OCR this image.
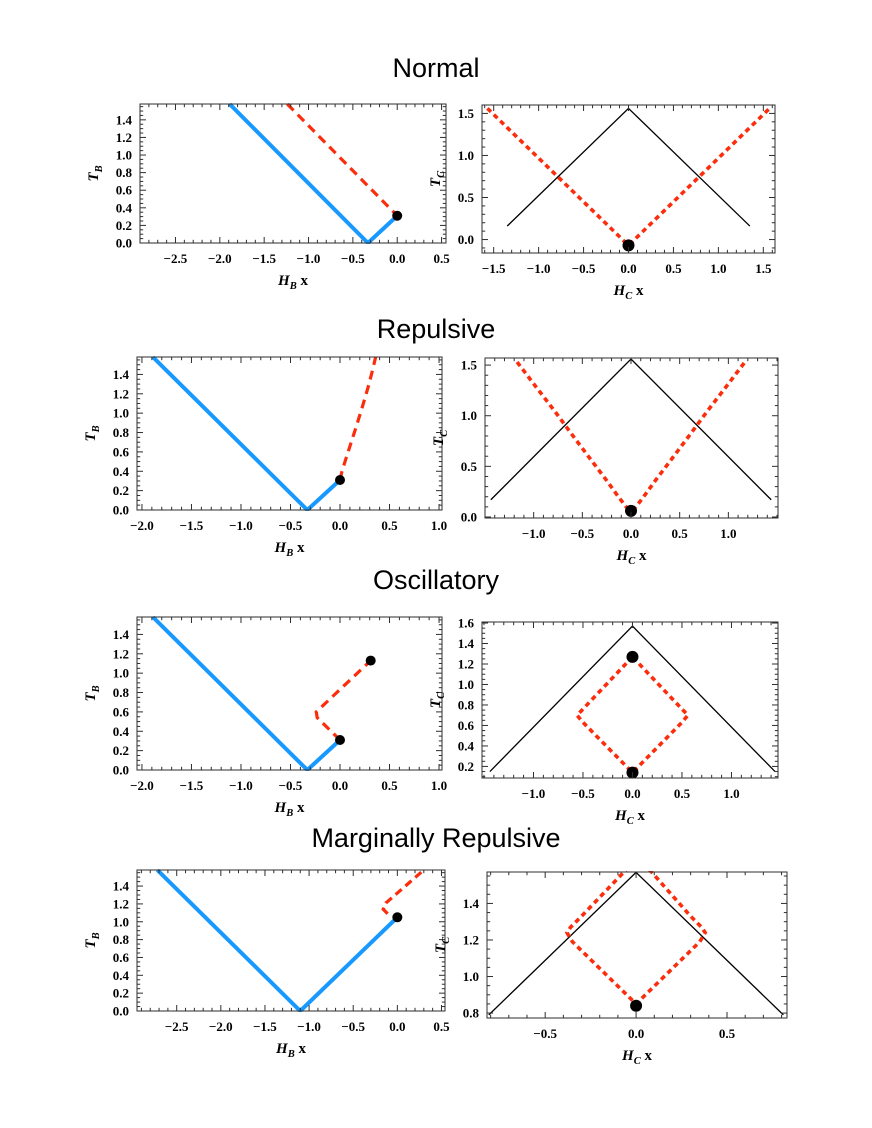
Normal
Repulsive
Oscillatory
Marginally Repulsive
−2.5 −2.0 −1.5 −1.0 −0.5 0.0 0.5
0.0
0.2
0.4
0.6
0.8
1.0
1.2
1.4
$H_B$ x
$T_B$
−1.5 −1.0 −0.5 0.0 0.5 1.0 1.5
0.0
0.5
1.0
1.5
$H_C$ x
$T_C$
−2.0 −1.5 −1.0 −0.5 0.0	0.5	1.0
0.0
0.2
0.4
0.6
0.8
1.0
1.2
1.4
$H_B$ x
$T_B$
−1.0 −0.5 0.0 0.5 1.0
0.0
0.5
1.0
1.5
$H_C$ x
$T_C$
−2.0 −1.5 −1.0 −0.5 0.0	0.5	1.0
0.0
0.2
0.4
0.6
0.8
1.0
1.2
1.4
$H_B$ x
$T_B$
−1.0 −0.5 0.0	0.5	1.0
0.2
0.4
0.6
0.8
1.0
1.2
1.4
1.6
$H_C$ x
$T_C$
−2.5 −2.0 −1.5 −1.0 −0.5 0.0 0.5
0.0
0.2
0.4
0.6
0.8
1.0
1.2
1.4
$H_B$ x
$T_B$
−0.5	0.0	0.5
0.8
1.0
1.2
1.4
$H_C$ x
$T_C$
